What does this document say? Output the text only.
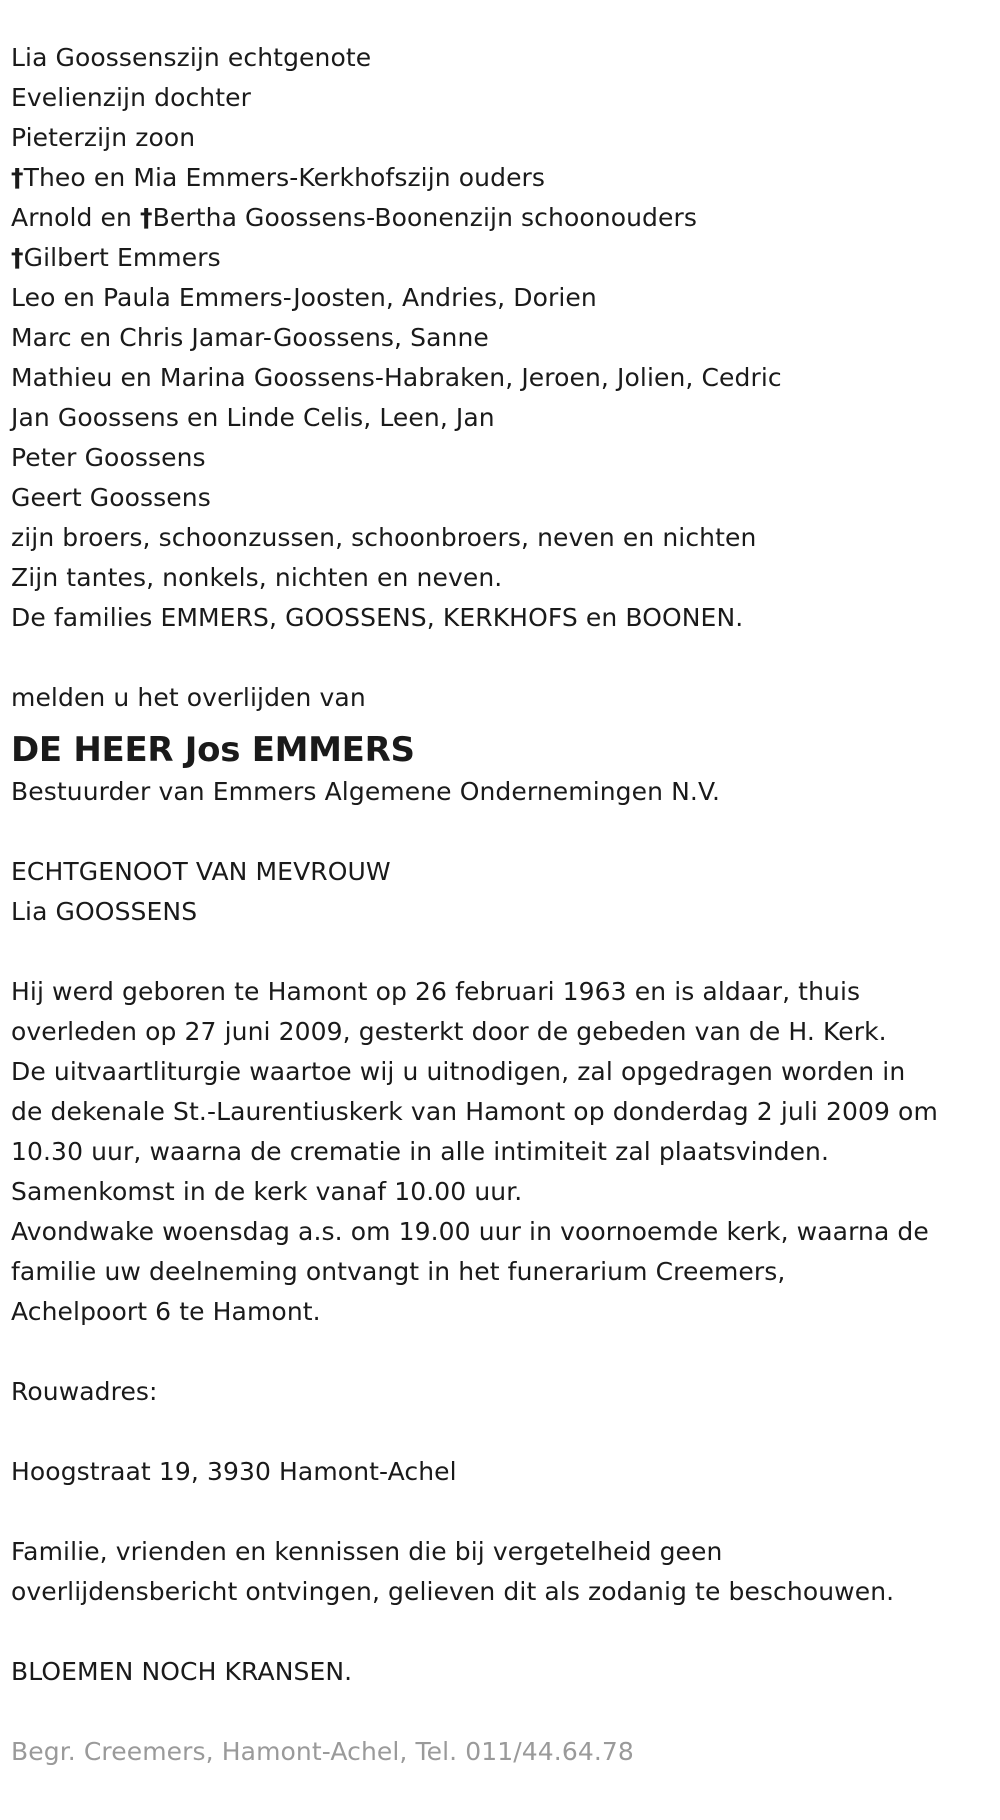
Lia Goossenszijn echtgenote
Evelienzijn dochter
Pieterzijn zoon
†Theo en Mia Emmers-Kerkhofszijn ouders
Arnold en †Bertha Goossens-Boonenzijn schoonouders
†Gilbert Emmers
Leo en Paula Emmers-Joosten, Andries, Dorien
Marc en Chris Jamar-Goossens, Sanne
Mathieu en Marina Goossens-Habraken, Jeroen, Jolien, Cedric
Jan Goossens en Linde Celis, Leen, Jan
Peter Goossens
Geert Goossens
zijn broers, schoonzussen, schoonbroers, neven en nichten
Zijn tantes, nonkels, nichten en neven.
De families EMMERS, GOOSSENS, KERKHOFS en BOONEN.
melden u het overlijden van
DE HEER Jos EMMERS
Bestuurder van Emmers Algemene Ondernemingen N.V.
ECHTGENOOT VAN MEVROUW
Lia GOOSSENS
Hij werd geboren te Hamont op 26 februari 1963 en is aldaar, thuis
overleden op 27 juni 2009, gesterkt door de gebeden van de H. Kerk.
De uitvaartliturgie waartoe wij u uitnodigen, zal opgedragen worden in
de dekenale St.-Laurentiuskerk van Hamont op donderdag 2 juli 2009 om
10.30 uur, waarna de crematie in alle intimiteit zal plaatsvinden.
Samenkomst in de kerk vanaf 10.00 uur.
Avondwake woensdag a.s. om 19.00 uur in voornoemde kerk, waarna de
familie uw deelneming ontvangt in het funerarium Creemers,
Achelpoort 6 te Hamont.
Rouwadres:
Hoogstraat 19, 3930 Hamont-Achel
Familie, vrienden en kennissen die bij vergetelheid geen
overlijdensbericht ontvingen, gelieven dit als zodanig te beschouwen.
BLOEMEN NOCH KRANSEN.
Begr. Creemers, Hamont-Achel, Tel. 011/44.64.78
